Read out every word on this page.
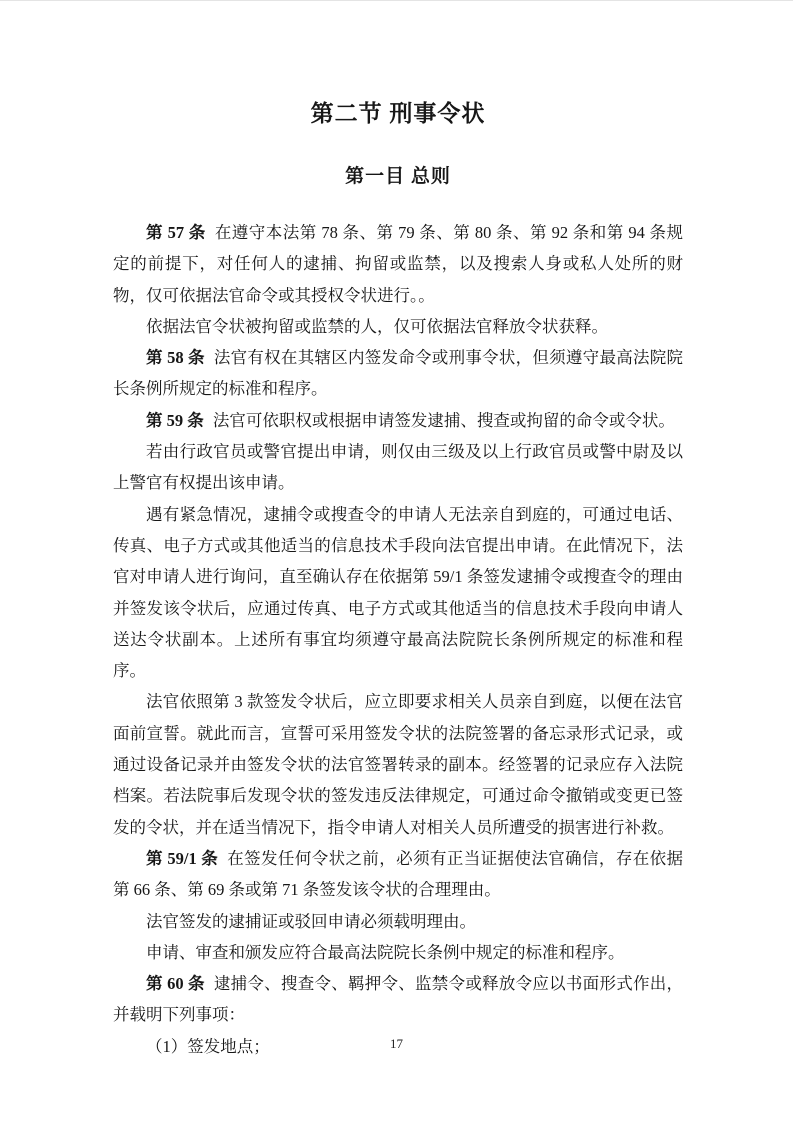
第二节 刑事令状
第一目 总则

第 57 条 在遵守本法第 78 条、第 79 条、第 80 条、第 92 条和第 94 条规定的前提下，对任何人的逮捕、拘留或监禁，以及搜索人身或私人处所的财物，仅可依据法官命令或其授权令状进行。。

依据法官令状被拘留或监禁的人，仅可依据法官释放令状获释。

第 58 条 法官有权在其辖区内签发命令或刑事令状，但须遵守最高法院院长条例所规定的标准和程序。

第 59 条 法官可依职权或根据申请签发逮捕、搜查或拘留的命令或令状。

若由行政官员或警官提出申请，则仅由三级及以上行政官员或警中尉及以上警官有权提出该申请。

遇有紧急情况，逮捕令或搜查令的申请人无法亲自到庭的，可通过电话、传真、电子方式或其他适当的信息技术手段向法官提出申请。在此情况下，法官对申请人进行询问，直至确认存在依据第 59/1 条签发逮捕令或搜查令的理由并签发该令状后，应通过传真、电子方式或其他适当的信息技术手段向申请人送达令状副本。上述所有事宜均须遵守最高法院院长条例所规定的标准和程序。

法官依照第 3 款签发令状后，应立即要求相关人员亲自到庭，以便在法官面前宣誓。就此而言，宣誓可采用签发令状的法院签署的备忘录形式记录，或通过设备记录并由签发令状的法官签署转录的副本。经签署的记录应存入法院档案。若法院事后发现令状的签发违反法律规定，可通过命令撤销或变更已签发的令状，并在适当情况下，指令申请人对相关人员所遭受的损害进行补救。

第 59/1 条 在签发任何令状之前，必须有正当证据使法官确信，存在依据第 66 条、第 69 条或第 71 条签发该令状的合理理由。

法官签发的逮捕证或驳回申请必须载明理由。

申请、审查和颁发应符合最高法院院长条例中规定的标准和程序。

第 60 条 逮捕令、搜查令、羁押令、监禁令或释放令应以书面形式作出，并载明下列事项：

（1）签发地点；	17
